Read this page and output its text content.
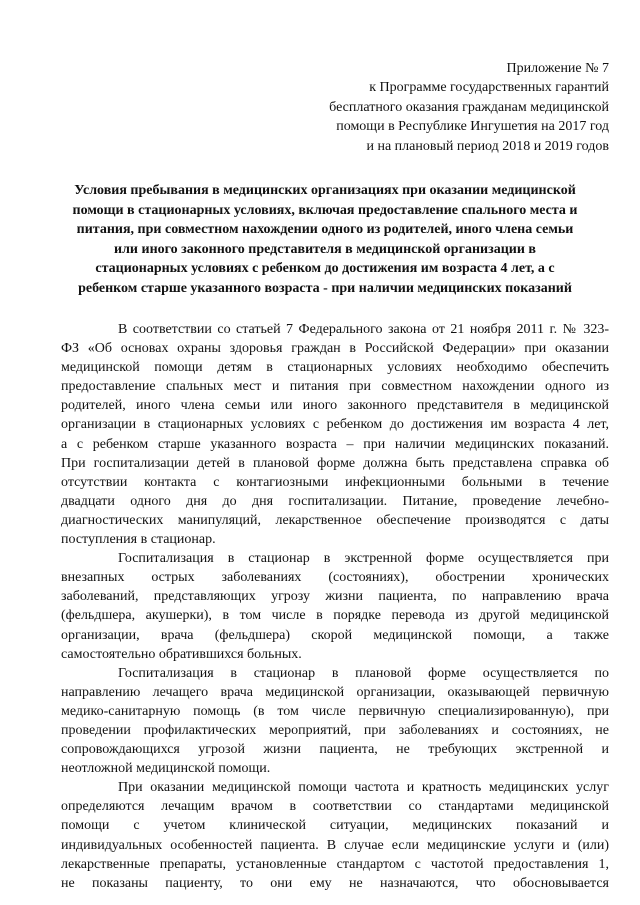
Приложение № 7
к Программе государственных гарантий
бесплатного оказания гражданам медицинской
помощи в Республике Ингушетия на 2017 год
и на плановый период 2018 и 2019 годов
Условия пребывания в медицинских организациях при оказании медицинской
помощи в стационарных условиях, включая предоставление спального места и
питания, при совместном нахождении одного из родителей, иного члена семьи
или иного законного представителя в медицинской организации в
стационарных условиях с ребенком до достижения им возраста 4 лет, а с
ребенком старше указанного возраста - при наличии медицинских показаний
В соответствии со статьей 7 Федерального закона от 21 ноября 2011 г. № 323-
ФЗ «Об основах охраны здоровья граждан в Российской Федерации» при оказании
медицинской помощи детям в стационарных условиях необходимо обеспечить
предоставление спальных мест и питания при совместном нахождении одного из
родителей, иного члена семьи или иного законного представителя в медицинской
организации в стационарных условиях с ребенком до достижения им возраста 4 лет,
а с ребенком старше указанного возраста – при наличии медицинских показаний.
При госпитализации детей в плановой форме должна быть представлена справка об
отсутствии контакта с контагиозными инфекционными больными в течение
двадцати одного дня до дня госпитализации. Питание, проведение лечебно-
диагностических манипуляций, лекарственное обеспечение производятся с даты
поступления в стационар.
Госпитализация в стационар в экстренной форме осуществляется при
внезапных острых заболеваниях (состояниях), обострении хронических
заболеваний, представляющих угрозу жизни пациента, по направлению врача
(фельдшера, акушерки), в том числе в порядке перевода из другой медицинской
организации, врача (фельдшера) скорой медицинской помощи, а также
самостоятельно обратившихся больных.
Госпитализация в стационар в плановой форме осуществляется по
направлению лечащего врача медицинской организации, оказывающей первичную
медико-санитарную помощь (в том числе первичную специализированную), при
проведении профилактических мероприятий, при заболеваниях и состояниях, не
сопровождающихся угрозой жизни пациента, не требующих экстренной и
неотложной медицинской помощи.
При оказании медицинской помощи частота и кратность медицинских услуг
определяются лечащим врачом в соответствии со стандартами медицинской
помощи с учетом клинической ситуации, медицинских показаний и
индивидуальных особенностей пациента. В случае если медицинские услуги и (или)
лекарственные препараты, установленные стандартом с частотой предоставления 1,
не показаны пациенту, то они ему не назначаются, что обосновывается
